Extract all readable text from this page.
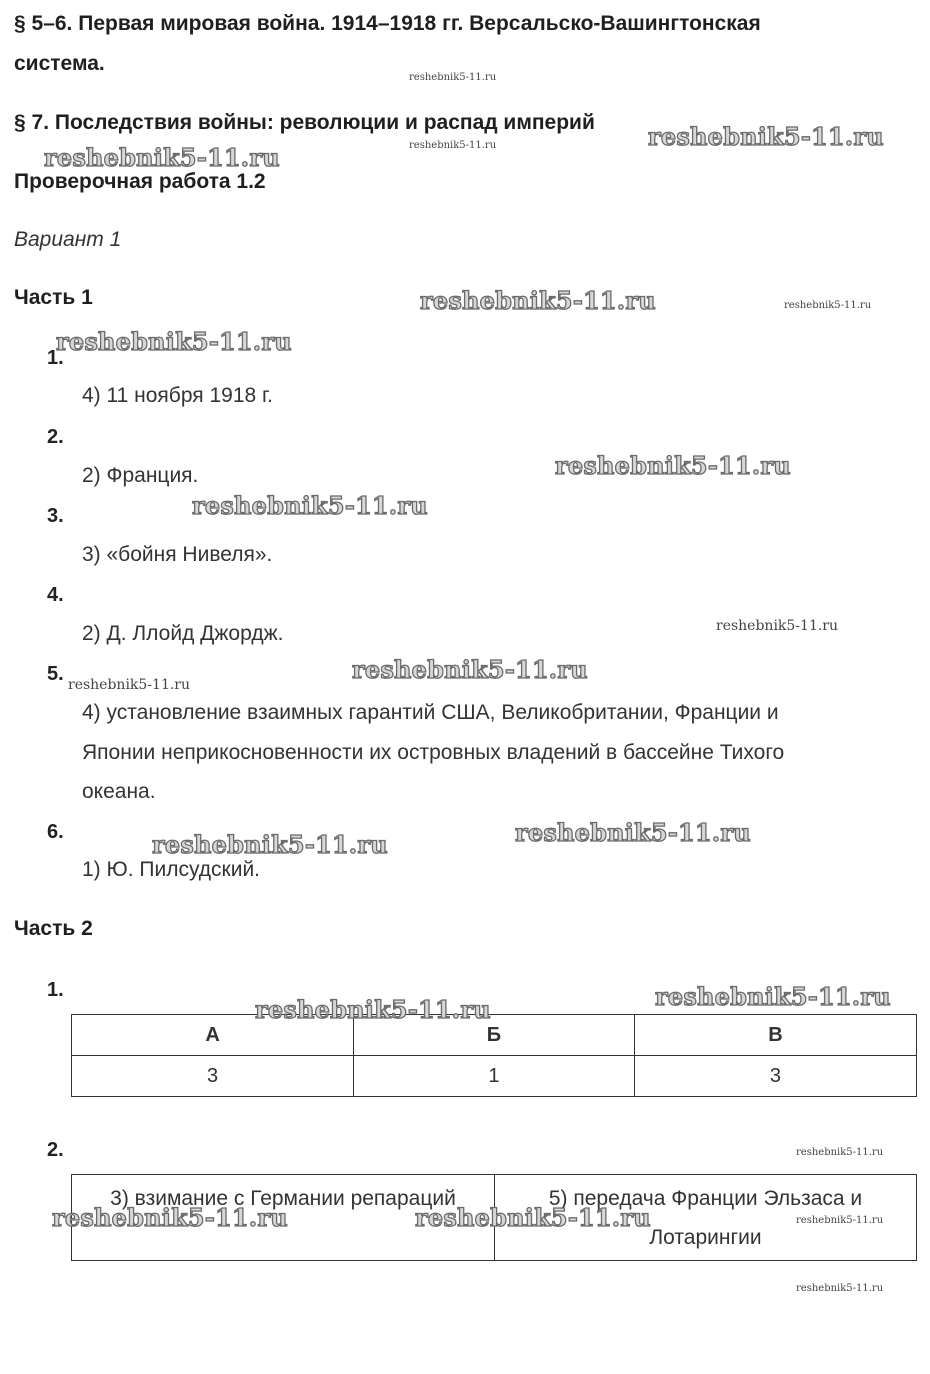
§ 5–6. Первая мировая война. 1914–1918 гг. Версальско-Вашингтонская
система.
§ 7. Последствия войны: революции и распад империй
Проверочная работа 1.2
Вариант 1
Часть 1
1.
4) 11 ноября 1918 г.
2.
2) Франция.
3.
3) «бойня Нивеля».
4.
2) Д. Ллойд Джордж.
5.
4) установление взаимных гарантий США, Великобритании, Франции и
Японии неприкосновенности их островных владений в бассейне Тихого
океана.
6.
1) Ю. Пилсудский.
Часть 2
1.
А	Б	В
3	1	3
2.
3) взимание с Германии репараций	5) передача Франции Эльзаса и
Лотарингии
reshebnik5-11.ru
reshebnik5-11.ru	reshebnik5-11.ru
reshebnik5-11.ru
reshebnik5-11.ru	reshebnik5-11.ru
reshebnik5-11.ru
reshebnik5-11.ru
reshebnik5-11.ru
reshebnik5-11.ru
reshebnik5-11.ru
reshebnik5-11.ru
reshebnik5-11.ru
reshebnik5-11.ru
reshebnik5-11.ru
reshebnik5-11.ru
reshebnik5-11.ru
reshebnik5-11.ru	reshebnik5-11.ru	reshebnik5-11.ru
reshebnik5-11.ru
